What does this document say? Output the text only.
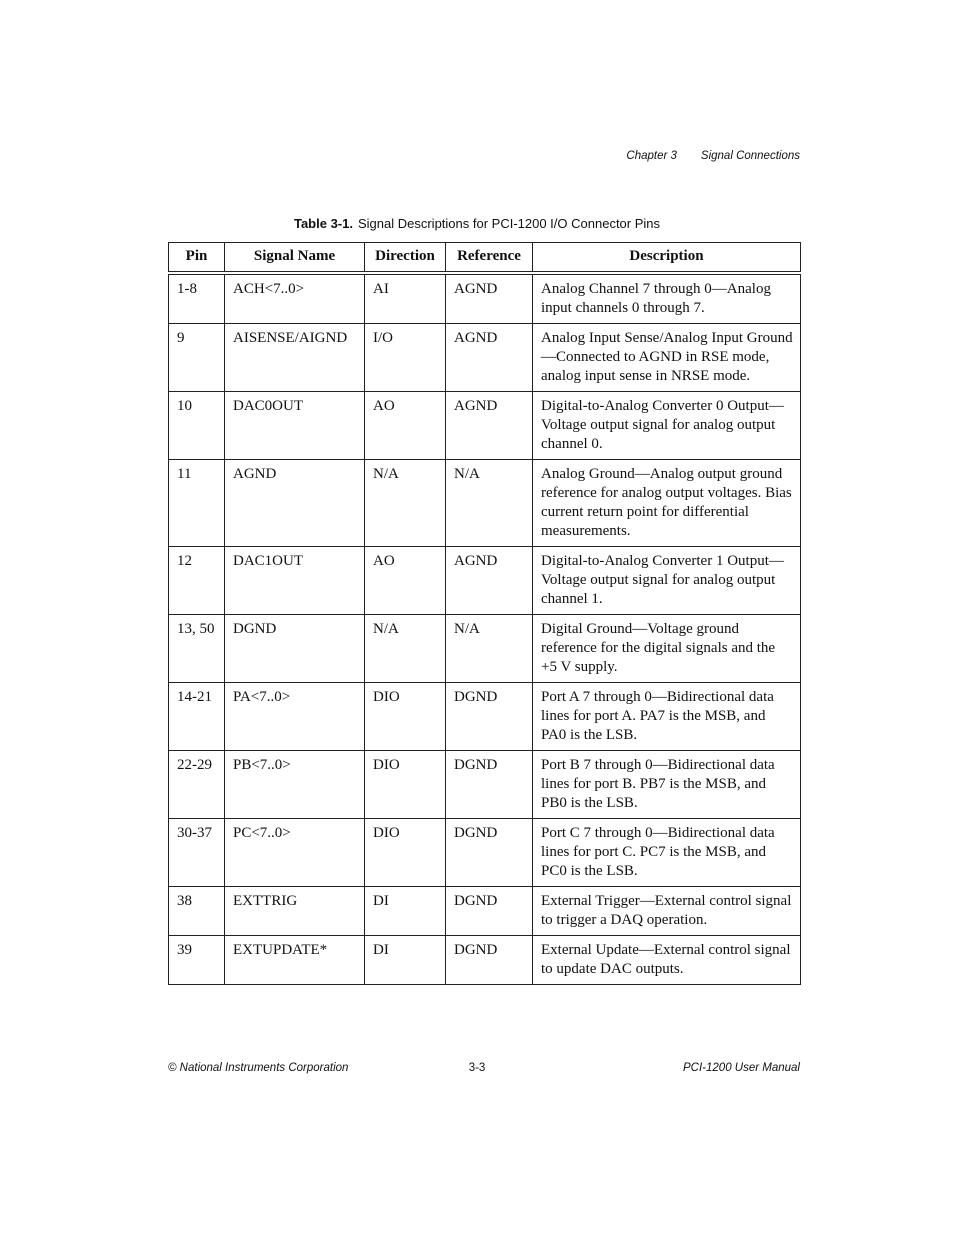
Chapter 3 Signal Connections
Table 3-1. Signal Descriptions for PCI-1200 I/O Connector Pins
Pin	Signal Name	Direction	Reference	Description
1-8	ACH<7..0>	AI	AGND	Analog Channel 7 through 0—Analog input channels 0 through 7.
9	AISENSE/AIGND	I/O	AGND	Analog Input Sense/Analog Input Ground—Connected to AGND in RSE mode, analog input sense in NRSE mode.
10	DAC0OUT	AO	AGND	Digital-to-Analog Converter 0 Output—Voltage output signal for analog output channel 0.
11	AGND	N/A	N/A	Analog Ground—Analog output ground reference for analog output voltages. Bias current return point for differential measurements.
12	DAC1OUT	AO	AGND	Digital-to-Analog Converter 1 Output—Voltage output signal for analog output channel 1.
13, 50	DGND	N/A	N/A	Digital Ground—Voltage ground reference for the digital signals and the +5 V supply.
14-21	PA<7..0>	DIO	DGND	Port A 7 through 0—Bidirectional data lines for port A. PA7 is the MSB, and PA0 is the LSB.
22-29	PB<7..0>	DIO	DGND	Port B 7 through 0—Bidirectional data lines for port B. PB7 is the MSB, and PB0 is the LSB.
30-37	PC<7..0>	DIO	DGND	Port C 7 through 0—Bidirectional data lines for port C. PC7 is the MSB, and PC0 is the LSB.
38	EXTTRIG	DI	DGND	External Trigger—External control signal to trigger a DAQ operation.
39	EXTUPDATE*	DI	DGND	External Update—External control signal to update DAC outputs.
© National Instruments Corporation	3-3	PCI-1200 User Manual
